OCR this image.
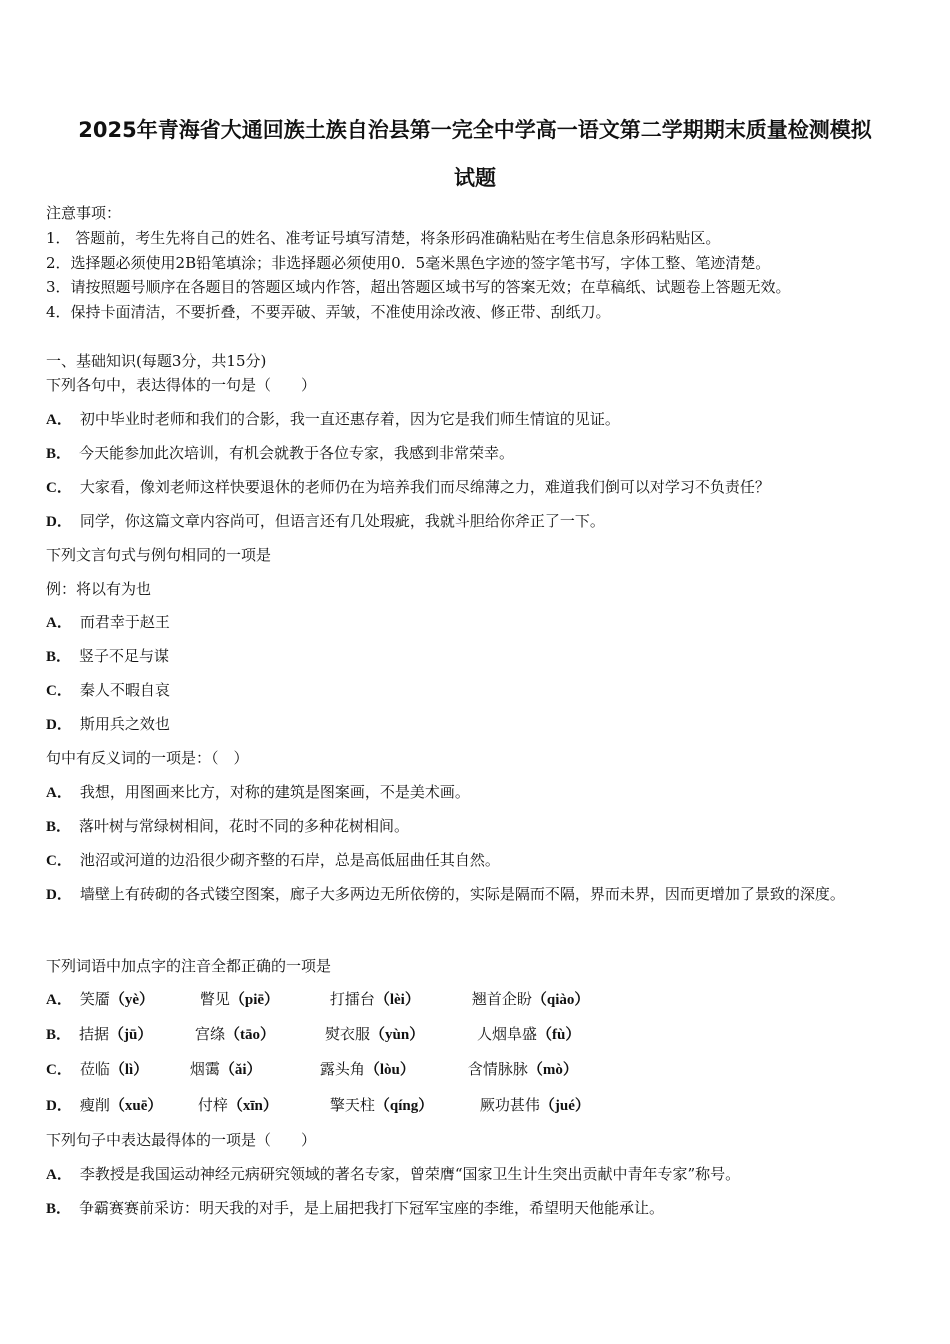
2025年青海省大通回族土族自治县第一完全中学高一语文第二学期期末质量检测模拟
试题
注意事项：
1． 答题前，考生先将自己的姓名、准考证号填写清楚，将条形码准确粘贴在考生信息条形码粘贴区。
2．选择题必须使用2B铅笔填涂；非选择题必须使用0．5毫米黑色字迹的签字笔书写，字体工整、笔迹清楚。
3．请按照题号顺序在各题目的答题区域内作答，超出答题区域书写的答案无效；在草稿纸、试题卷上答题无效。
4．保持卡面清洁，不要折叠，不要弄破、弄皱，不准使用涂改液、修正带、刮纸刀。
一、基础知识(每题3分，共15分)
下列各句中，表达得体的一句是（　　）
A． 初中毕业时老师和我们的合影，我一直还惠存着，因为它是我们师生情谊的见证。
B． 今天能参加此次培训，有机会就教于各位专家，我感到非常荣幸。
C． 大家看，像刘老师这样快要退休的老师仍在为培养我们而尽绵薄之力，难道我们倒可以对学习不负责任？
D． 同学，你这篇文章内容尚可，但语言还有几处瑕疵，我就斗胆给你斧正了一下。
下列文言句式与例句相同的一项是
例：将以有为也
A． 而君幸于赵王
B． 竖子不足与谋
C． 秦人不暇自哀
D． 斯用兵之效也
句中有反义词的一项是：（　）
A． 我想，用图画来比方，对称的建筑是图案画，不是美术画。
B． 落叶树与常绿树相间，花时不同的多种花树相间。
C． 池沼或河道的边沿很少砌齐整的石岸，总是高低屈曲任其自然。
D． 墙壁上有砖砌的各式镂空图案，廊子大多两边无所依傍的，实际是隔而不隔，界而未界，因而更增加了景致的深度。
下列词语中加点字的注音全都正确的一项是
A． 笑靥（yè）	瞥见（piē）	打擂台（lèi）	翘首企盼（qiào）
B． 拮据（jū）	宫绦（tāo）	熨衣服（yùn）	人烟阜盛（fù）
C． 莅临（lì）	烟霭（ǎi）	露头角（lòu）	含情脉脉（mò）
D． 瘦削（xuē） 付梓（xīn）	擎天柱（qíng）	厥功甚伟（jué）
下列句子中表达最得体的一项是（　　）
A． 李教授是我国运动神经元病研究领域的著名专家，曾荣膺“国家卫生计生突出贡献中青年专家”称号。
B． 争霸赛赛前采访：明天我的对手，是上届把我打下冠军宝座的李维，希望明天他能承让。
